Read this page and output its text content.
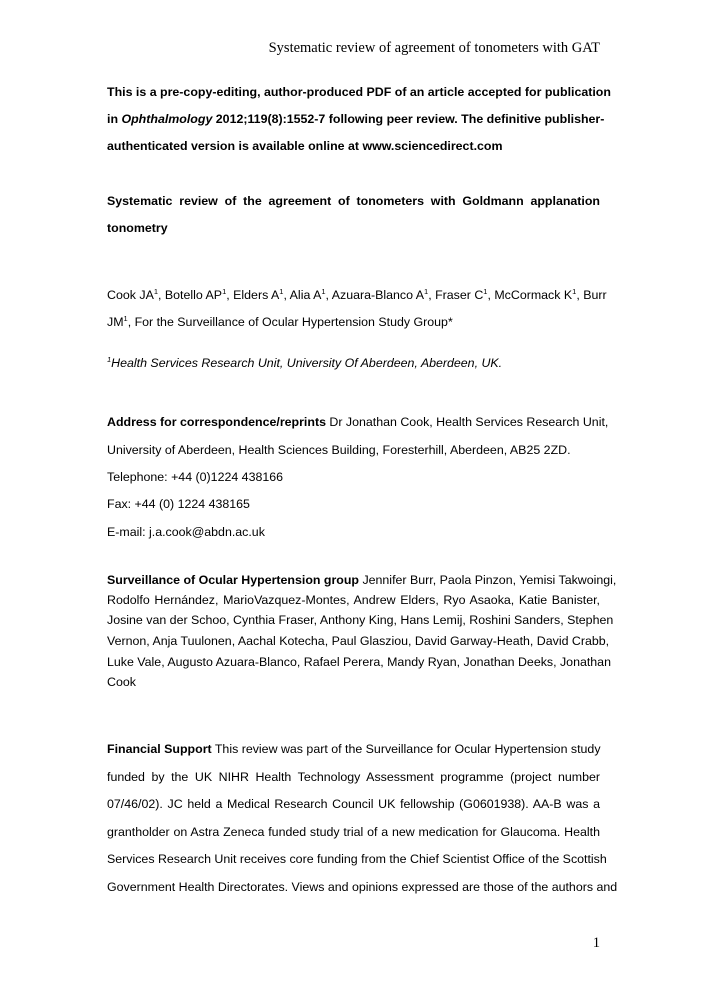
Systematic review of agreement of tonometers with GAT
This is a pre-copy-editing, author-produced PDF of an article accepted for publication
in Ophthalmology 2012;119(8):1552-7 following peer review. The definitive publisher-
authenticated version is available online at www.sciencedirect.com
Systematic review of the agreement of tonometers with Goldmann applanation
tonometry
Cook $JA^1$, Botello $AP^1$, Elders $A^1$, Alia $A^1$, Azuara-Blanco $A^1$, Fraser $C^1$, McCormack $K^1$, Burr
$JM^1$, For the Surveillance of Ocular Hypertension Study Group*
$^1$Health Services Research Unit, University Of Aberdeen, Aberdeen, UK.
Address for correspondence/reprints Dr Jonathan Cook, Health Services Research Unit,
University of Aberdeen, Health Sciences Building, Foresterhill, Aberdeen, AB25 2ZD.
Telephone: +44 (0)1224 438166
Fax: +44 (0) 1224 438165
E-mail: j.a.cook@abdn.ac.uk
Surveillance of Ocular Hypertension group Jennifer Burr, Paola Pinzon, Yemisi Takwoingi,
Rodolfo Hernández, MarioVazquez-Montes, Andrew Elders, Ryo Asaoka, Katie Banister,
Josine van der Schoo, Cynthia Fraser, Anthony King, Hans Lemij, Roshini Sanders, Stephen
Vernon, Anja Tuulonen, Aachal Kotecha, Paul Glasziou, David Garway-Heath, David Crabb,
Luke Vale, Augusto Azuara-Blanco, Rafael Perera, Mandy Ryan, Jonathan Deeks, Jonathan
Cook
Financial Support This review was part of the Surveillance for Ocular Hypertension study
funded by the UK NIHR Health Technology Assessment programme (project number
07/46/02). JC held a Medical Research Council UK fellowship (G0601938). AA-B was a
grantholder on Astra Zeneca funded study trial of a new medication for Glaucoma. Health
Services Research Unit receives core funding from the Chief Scientist Office of the Scottish
Government Health Directorates. Views and opinions expressed are those of the authors and
1
